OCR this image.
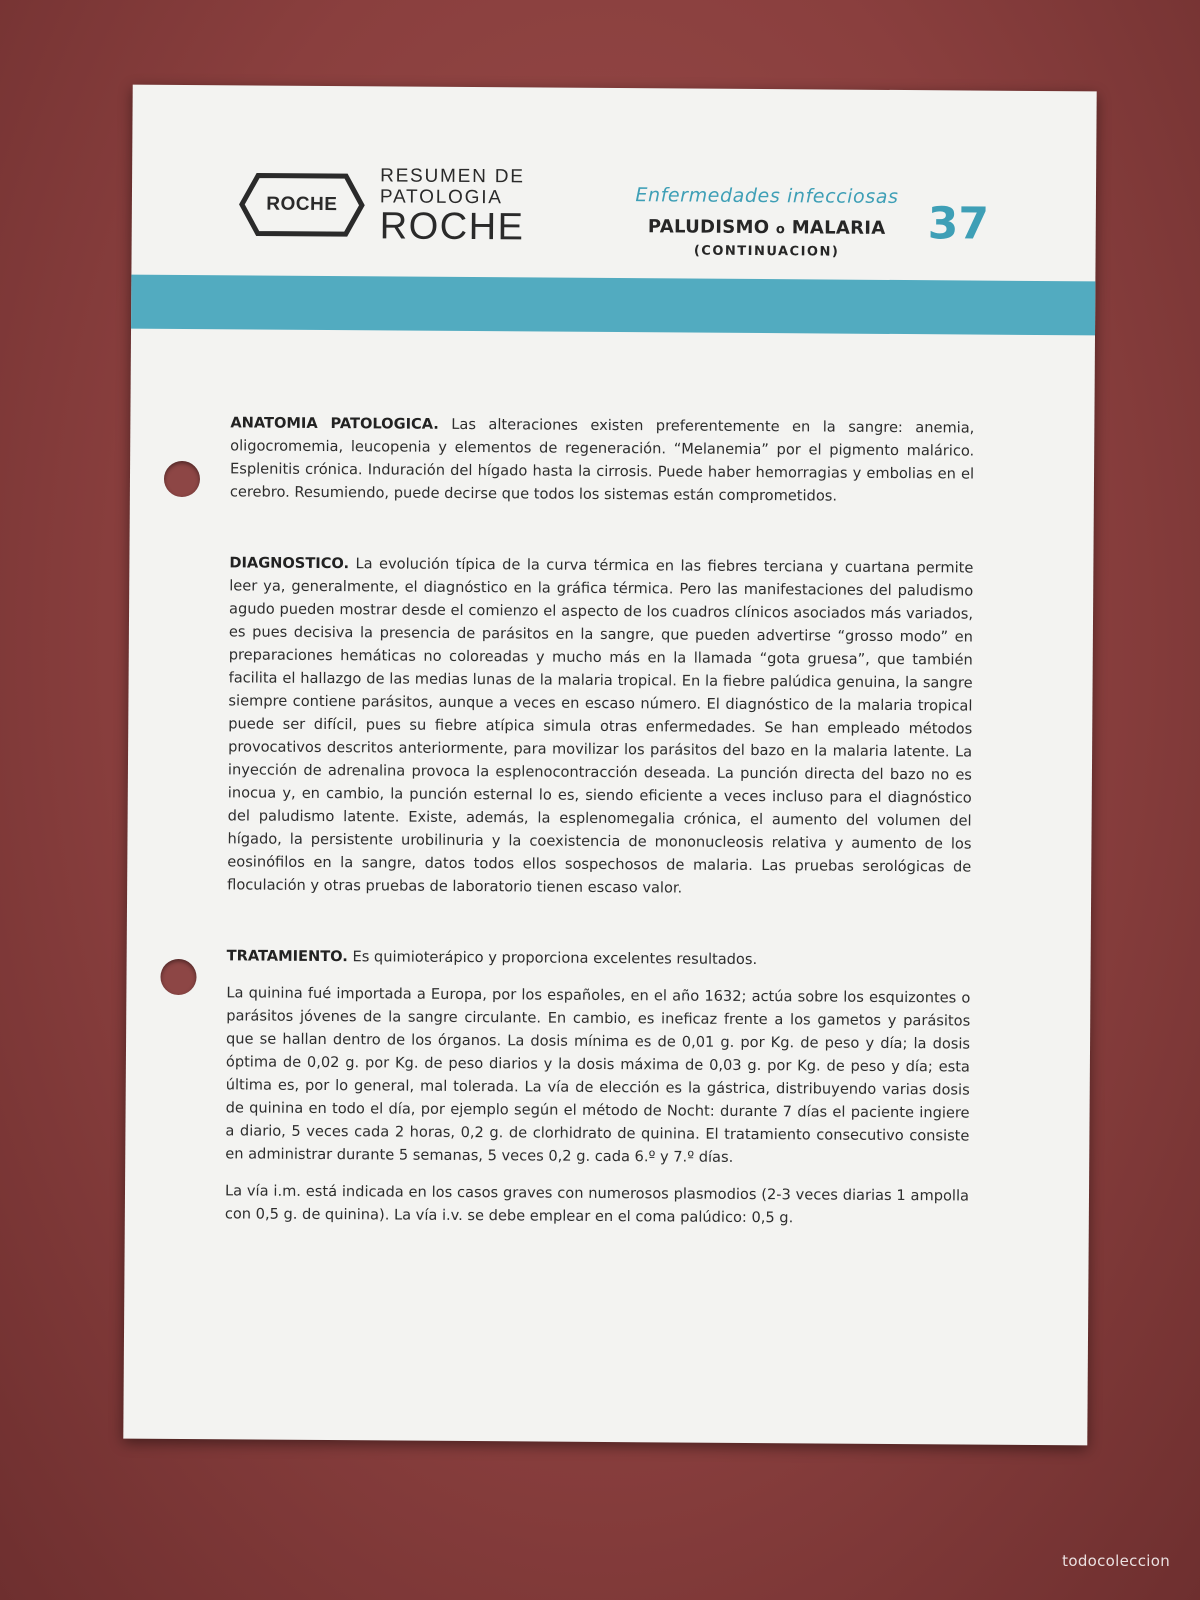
ROCHE
RESUMEN DE
PATOLOGIA
ROCHE
Enfermedades infecciosas
PALUDISMO o MALARIA
(CONTINUACION)
37

ANATOMIA PATOLOGICA. Las alteraciones existen preferentemente en la sangre: anemia, oligocromemia, leucopenia y elementos de regeneración. “Melanemia” por el pigmento malárico. Esplenitis crónica. Induración del hígado hasta la cirrosis. Puede haber hemorragias y embolias en el cerebro. Resumiendo, puede decirse que todos los sistemas están comprometidos.

DIAGNOSTICO. La evolución típica de la curva térmica en las fiebres terciana y cuartana permite leer ya, generalmente, el diagnóstico en la gráfica térmica. Pero las manifestaciones del paludismo agudo pueden mostrar desde el comienzo el aspecto de los cuadros clínicos asociados más variados, es pues decisiva la presencia de parásitos en la sangre, que pueden advertirse “grosso modo” en preparaciones hemáticas no coloreadas y mucho más en la llamada “gota gruesa”, que también facilita el hallazgo de las medias lunas de la malaria tropical. En la fiebre palúdica genuina, la sangre siempre contiene parásitos, aunque a veces en escaso número. El diagnóstico de la malaria tropical puede ser difícil, pues su fiebre atípica simula otras enfermedades. Se han empleado métodos provocativos descritos anteriormente, para movilizar los parásitos del bazo en la malaria latente. La inyección de adrenalina provoca la esplenocontracción deseada. La punción directa del bazo no es inocua y, en cambio, la punción esternal lo es, siendo eficiente a veces incluso para el diagnóstico del paludismo latente. Existe, además, la esplenomegalia crónica, el aumento del volumen del hígado, la persistente urobilinuria y la coexistencia de mononucleosis relativa y aumento de los eosinófilos en la sangre, datos todos ellos sospechosos de malaria. Las pruebas serológicas de floculación y otras pruebas de laboratorio tienen escaso valor.

TRATAMIENTO. Es quimioterápico y proporciona excelentes resultados.

La quinina fué importada a Europa, por los españoles, en el año 1632; actúa sobre los esquizontes o parásitos jóvenes de la sangre circulante. En cambio, es ineficaz frente a los gametos y parásitos que se hallan dentro de los órganos. La dosis mínima es de 0,01 g. por Kg. de peso y día; la dosis óptima de 0,02 g. por Kg. de peso diarios y la dosis máxima de 0,03 g. por Kg. de peso y día; esta última es, por lo general, mal tolerada. La vía de elección es la gástrica, distribuyendo varias dosis de quinina en todo el día, por ejemplo según el método de Nocht: durante 7 días el paciente ingiere a diario, 5 veces cada 2 horas, 0,2 g. de clorhidrato de quinina. El tratamiento consecutivo consiste en administrar durante 5 semanas, 5 veces 0,2 g. cada 6.º y 7.º días.

La vía i.m. está indicada en los casos graves con numerosos plasmodios (2-3 veces diarias 1 ampolla con 0,5 g. de quinina). La vía i.v. se debe emplear en el coma palúdico: 0,5 g.

todocoleccion
